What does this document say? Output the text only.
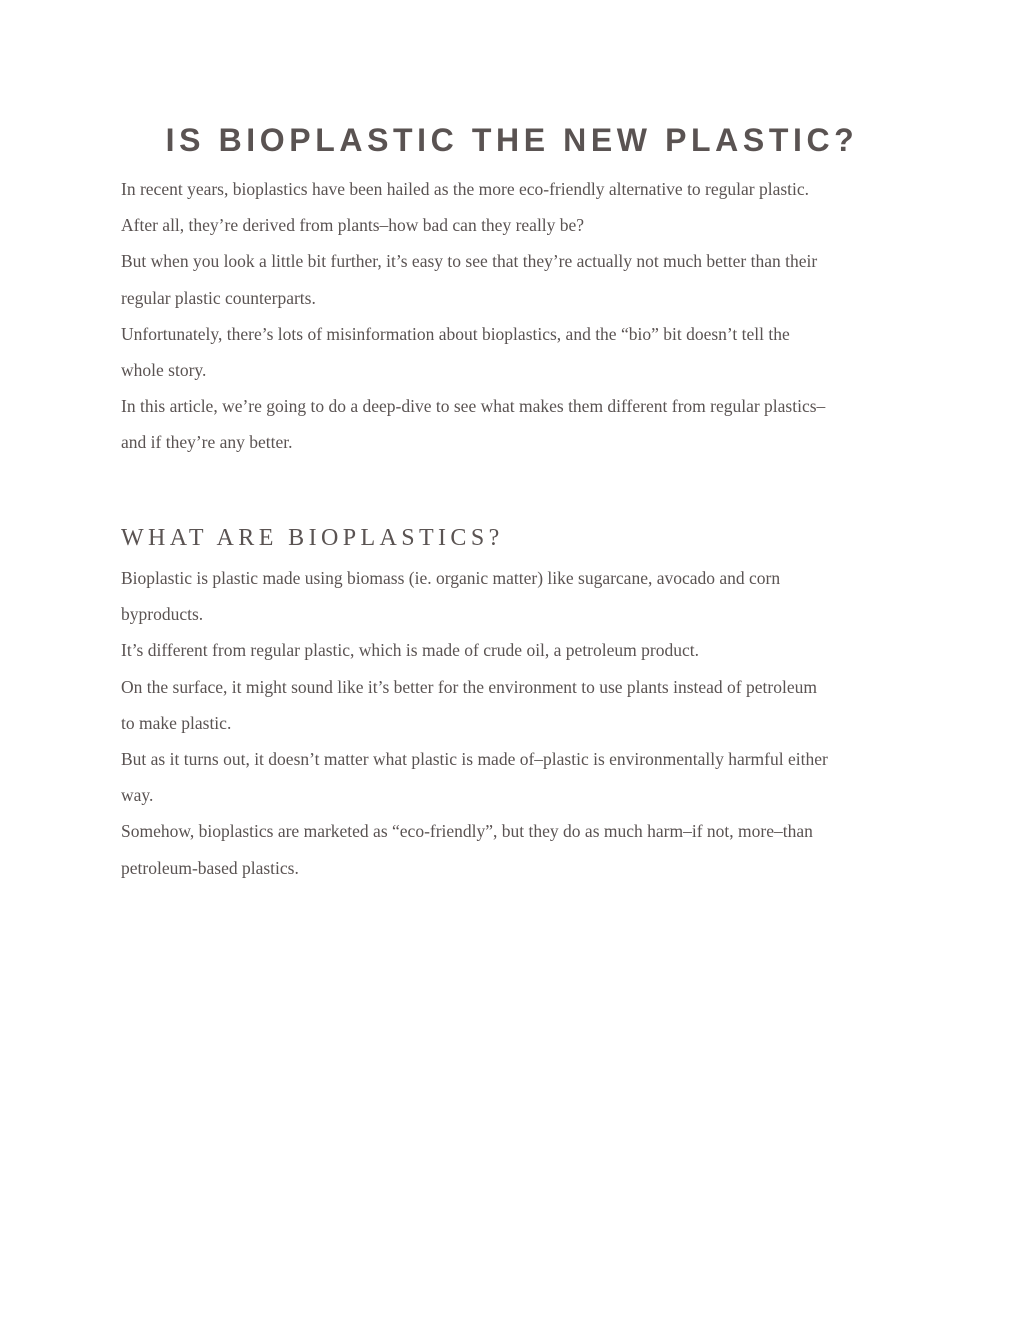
IS BIOPLASTIC THE NEW PLASTIC?

In recent years, bioplastics have been hailed as the more eco-friendly alternative to regular plastic.

After all, they’re derived from plants–how bad can they really be?

But when you look a little bit further, it’s easy to see that they’re actually not much better than their

regular plastic counterparts.

Unfortunately, there’s lots of misinformation about bioplastics, and the “bio” bit doesn’t tell the

whole story.

In this article, we’re going to do a deep-dive to see what makes them different from regular plastics–

and if they’re any better.

WHAT ARE BIOPLASTICS?

Bioplastic is plastic made using biomass (ie. organic matter) like sugarcane, avocado and corn

byproducts.

It’s different from regular plastic, which is made of crude oil, a petroleum product.

On the surface, it might sound like it’s better for the environment to use plants instead of petroleum

to make plastic.

But as it turns out, it doesn’t matter what plastic is made of–plastic is environmentally harmful either

way.

Somehow, bioplastics are marketed as “eco-friendly”, but they do as much harm–if not, more–than

petroleum-based plastics.
